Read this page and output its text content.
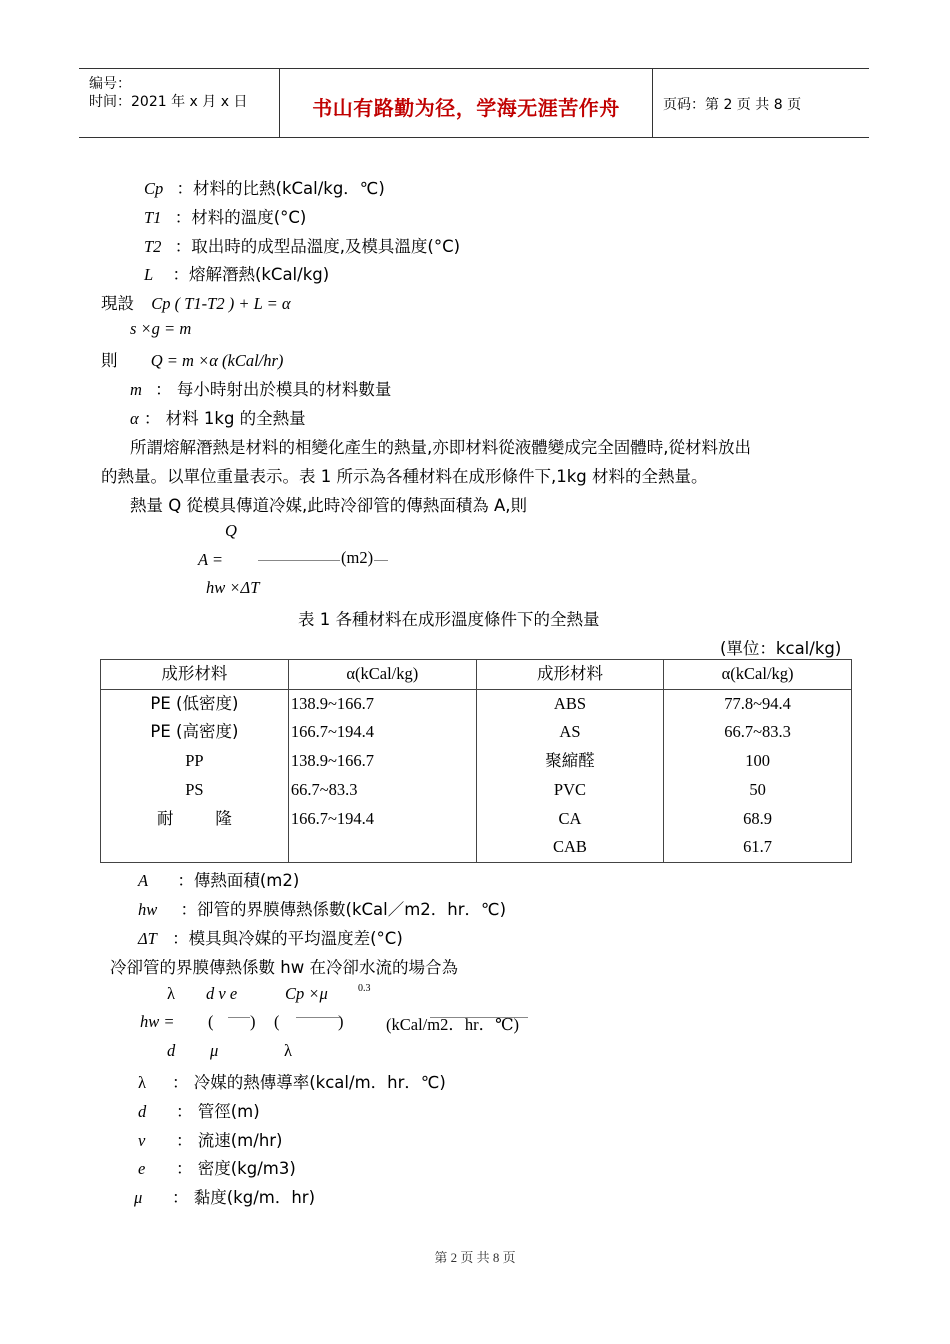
编号：
时间：2021 年 x 月 x 日	书山有路勤为径，学海无涯苦作舟	页码：第 2 页 共 8 页
Cp ：材料的比熱(kCal/kg．℃)
T1 ：材料的溫度(°C)
T2 ：取出時的成型品溫度,及模具溫度(°C)
L ：熔解潛熱(kCal/kg)
現設 Cp ( T1-T2 ) + L = α
s ×g = m
則 Q = m ×α (kCal/hr)
m ： 每小時射出於模具的材料數量
α ： 材料 1kg 的全熱量
所謂熔解潛熱是材料的相變化產生的熱量,亦即材料從液體變成完全固體時,從材料放出
的熱量。以單位重量表示。表 1 所示為各種材料在成形條件下,1kg 材料的全熱量。
熱量 Q 從模具傳道冷媒,此時冷卻管的傳熱面積為 A,則
Q
A =	(m2)
hw ×ΔT
表 1 各種材料在成形溫度條件下的全熱量
(單位：kcal/kg)
成形材料	α(kCal/kg)	成形材料	α(kCal/kg)
PE (低密度)	138.9~166.7	ABS	77.8~94.4
PE (高密度)	166.7~194.4	AS	66.7~83.3
PP	138.9~166.7	聚縮醛	100
PS	66.7~83.3	PVC	50
耐        隆	166.7~194.4	CA	68.9
		CAB	61.7
A ：傳熱面積(m2)
hw ：卻管的界膜傳熱係數(kCal／m2．hr．℃)
ΔT ：模具與冷媒的平均溫度差(°C)
冷卻管的界膜傳熱係數 hw 在冷卻水流的場合為
λ d v e	Cp ×μ	0.3
hw = ( ) (	)	(kCal/m2．hr．℃)
d μ	λ
λ ： 冷媒的熱傳導率(kcal/m．hr．℃)
d ： 管徑(m)
v ： 流速(m/hr)
e ： 密度(kg/m3)
μ ： 黏度(kg/m．hr)
第 2 页 共 8 页
